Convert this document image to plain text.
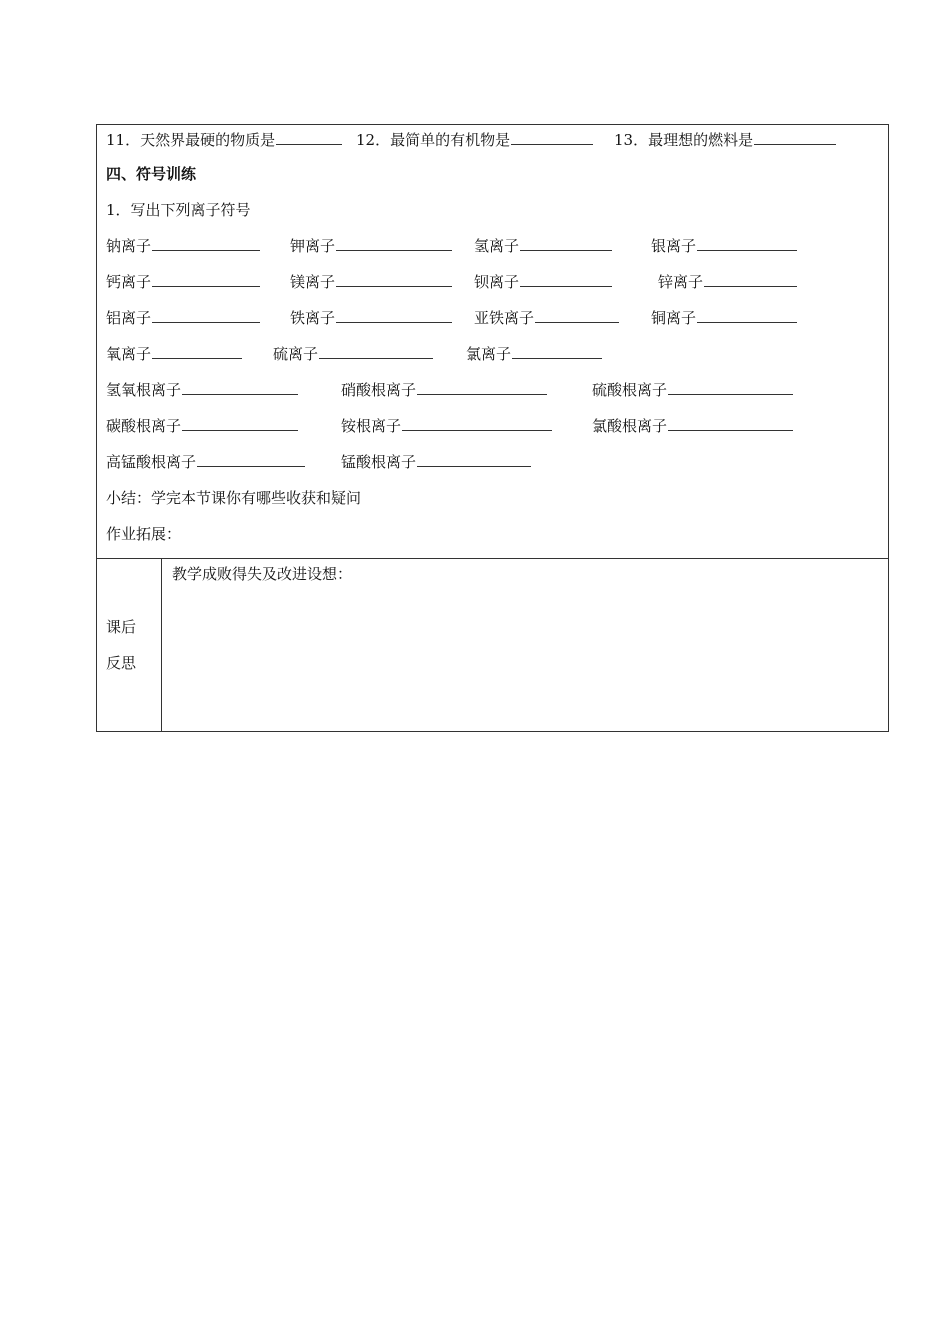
11．天然界最硬的物质是	12．最简单的有机物是	13．最理想的燃料是
四、符号训练
1．写出下列离子符号
钠离子	钾离子	氢离子	银离子
钙离子	镁离子	钡离子	锌离子
铝离子	铁离子	亚铁离子	铜离子
氧离子	硫离子	氯离子
氢氧根离子	硝酸根离子	硫酸根离子
碳酸根离子	铵根离子	氯酸根离子
高锰酸根离子	锰酸根离子
小结：学完本节课你有哪些收获和疑问
作业拓展：
课后
反思
教学成败得失及改进设想：
